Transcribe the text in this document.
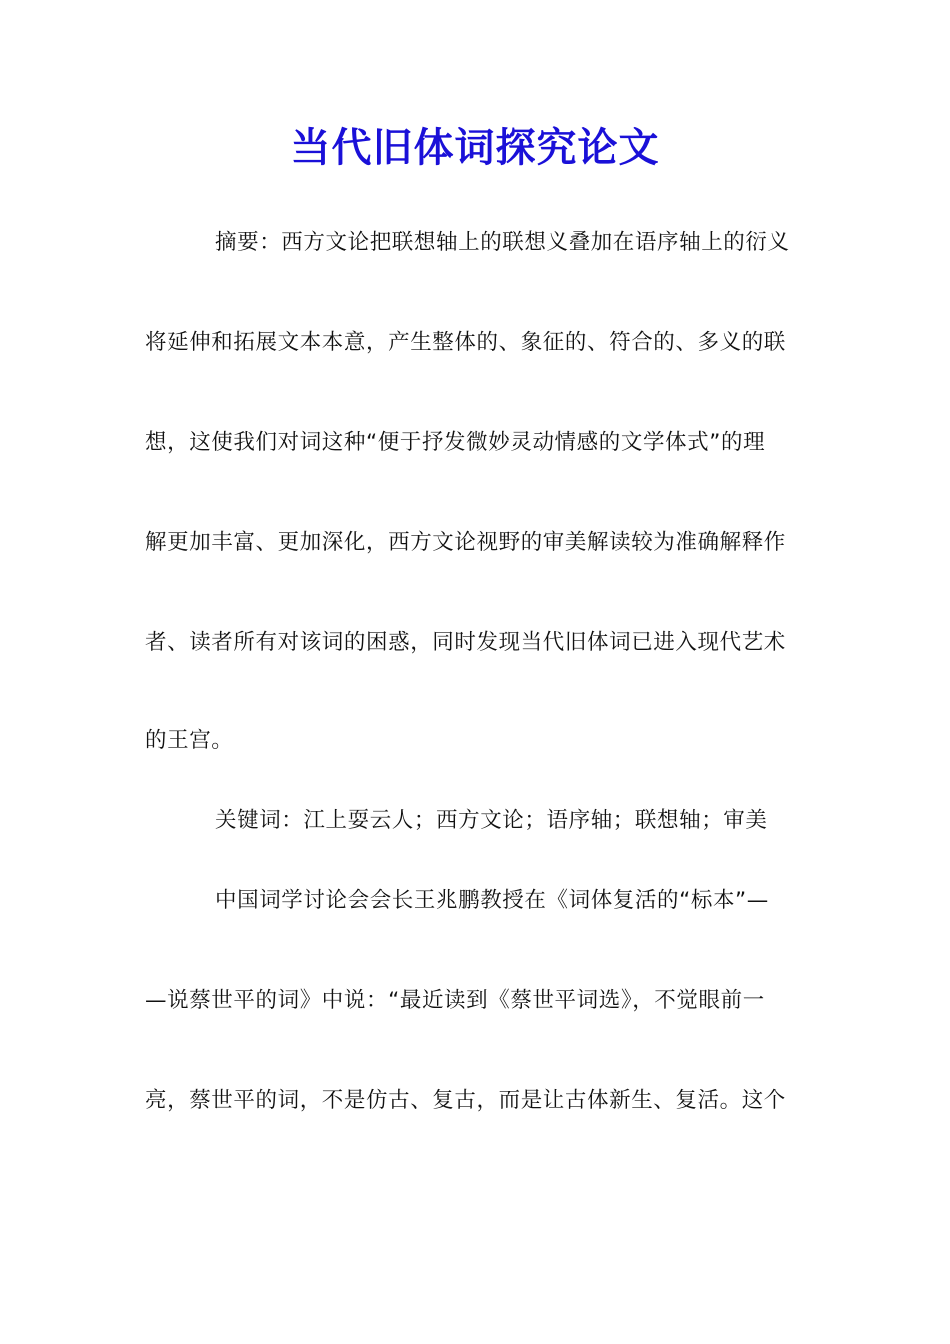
当代旧体词探究论文
摘要：西方文论把联想轴上的联想义叠加在语序轴上的衍义
将延伸和拓展文本本意，产生整体的、象征的、符合的、多义的联
想，这使我们对词这种“便于抒发微妙灵动情感的文学体式”的理
解更加丰富、更加深化，西方文论视野的审美解读较为准确解释作
者、读者所有对该词的困惑，同时发现当代旧体词已进入现代艺术
的王宫。
关键词：江上耍云人；西方文论；语序轴；联想轴；审美
中国词学讨论会会长王兆鹏教授在《词体复活的“标本”—
—说蔡世平的词》中说：“最近读到《蔡世平词选》，不觉眼前一
亮，蔡世平的词，不是仿古、复古，而是让古体新生、复活。这个
